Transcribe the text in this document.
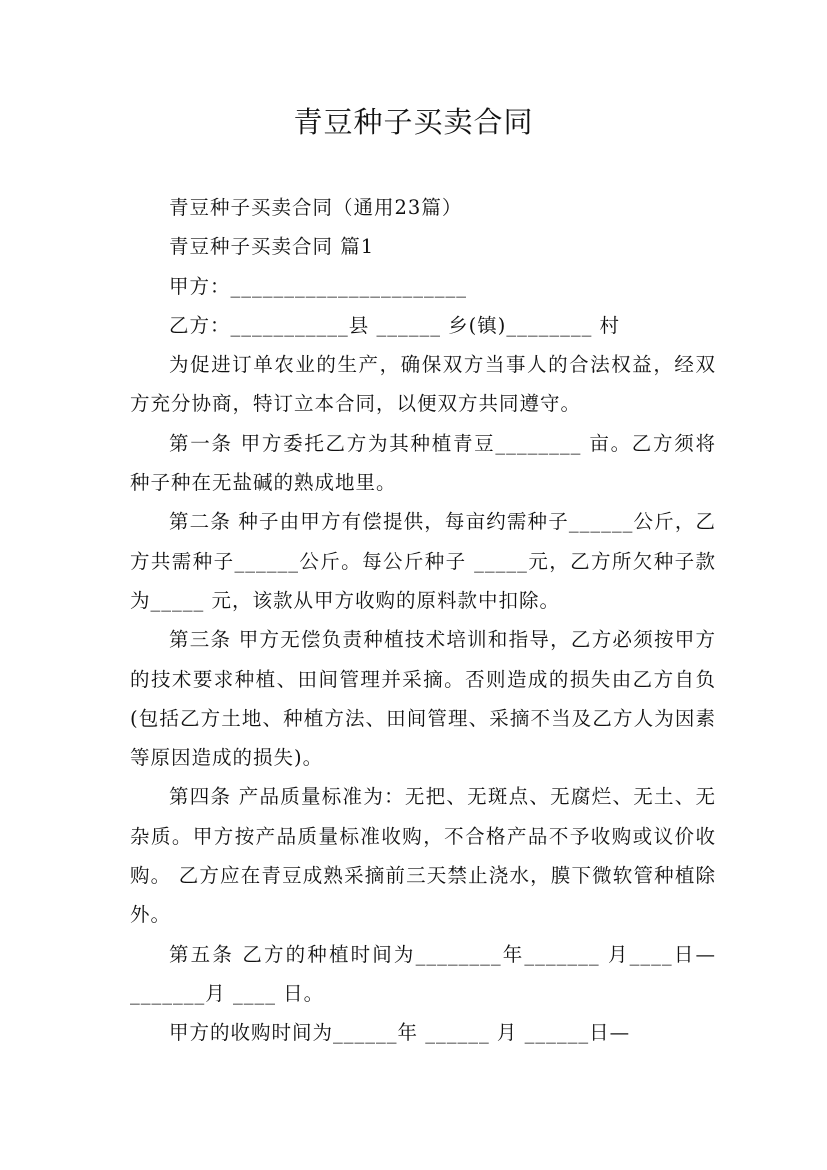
青豆种子买卖合同

青豆种子买卖合同（通用23篇）

青豆种子买卖合同 篇1

甲方：______________________

乙方：___________县 ______ 乡(镇)________ 村

为促进订单农业的生产，确保双方当事人的合法权益，经双方充分协商，特订立本合同，以便双方共同遵守。

第一条 甲方委托乙方为其种植青豆________ 亩。乙方须将种子种在无盐碱的熟成地里。

第二条 种子由甲方有偿提供，每亩约需种子______公斤，乙方共需种子______公斤。每公斤种子 _____元，乙方所欠种子款为_____ 元，该款从甲方收购的原料款中扣除。

第三条 甲方无偿负责种植技术培训和指导，乙方必须按甲方的技术要求种植、田间管理并采摘。否则造成的损失由乙方自负(包括乙方土地、种植方法、田间管理、采摘不当及乙方人为因素等原因造成的损失)。

第四条 产品质量标准为：无把、无斑点、无腐烂、无土、无杂质。甲方按产品质量标准收购，不合格产品不予收购或议价收购。 乙方应在青豆成熟采摘前三天禁止浇水，膜下微软管种植除外。

第五条 乙方的种植时间为________年_______ 月____日— _______月 ____ 日。

甲方的收购时间为______年 ______ 月 ______日—
